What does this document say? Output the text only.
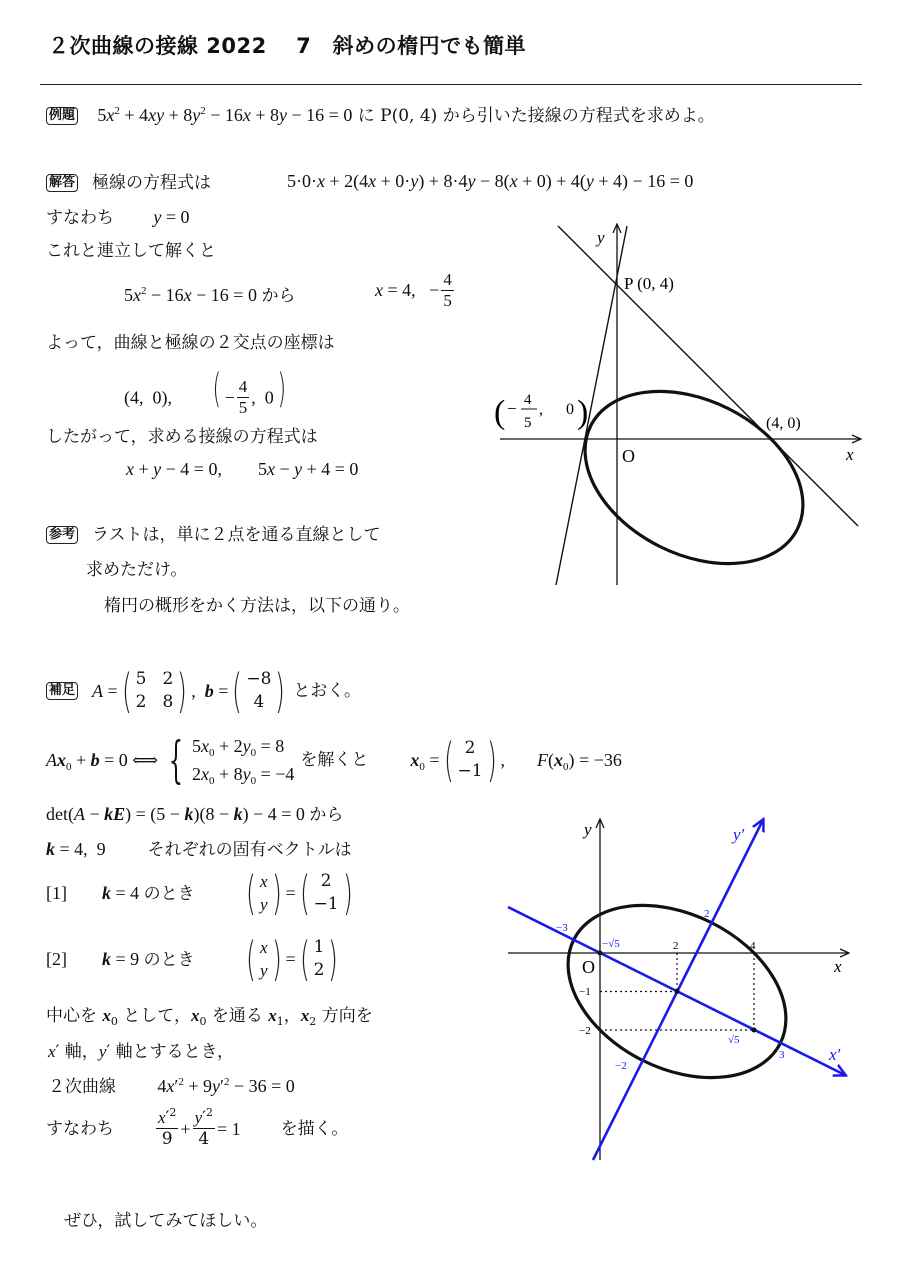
２次曲線の接線 2022　 7　斜めの楕円でも簡単
例題 $5x^2 + 4xy + 8y^2 - 16x + 8y - 16 = 0$ に P(0, 4) から引いた接線の方程式を求めよ。
解答 極線の方程式は	5·0·x + 2(4x + 0·y) + 8·4y − 8(x + 0) + 4(y + 4) − 16 = 0
すなわち y = 0
これと連立して解くと
$5x^2 - 16x - 16 = 0$ から	x = 4,   − $\frac{4}{5}$
よって，曲線と極線の２交点の座標は
(4,  0), ( − $\frac{4}{5}$ ,  0)
したがって，求める接線の方程式は
x + y − 4 = 0, 5x − y + 4 = 0
y
x
O
P (0, 4)
(4, 0)
( − 4
5
, 0 )
参考 ラストは，単に２点を通る直線として
求めただけ。
楕円の概形をかく方法は，以下の通り。
補足 A = ( 5 2
2 8 ) ,  b = ( −8
4 ) とおく。
$Ax_0 + b = 0$ ⟺ { $5x_0 + 2y_0 = 8$
$2x_0 + 8y_0 = -4$
を解くと $x_0$ = ( 2
−1 ) , $F(x_0) = -36$
det(A − kE) = (5 − k)(8 − k) − 4 = 0 から
k = 4,  9 それぞれの固有ベクトルは
[1]	k = 4 のとき	( x
y ) = ( 2
−1 )
[2]	k = 9 のとき	( x
y ) = ( 1
2 )
中心を $x_0$ として，$x_0$ を通る $x_1$，$x_2$ 方向を
x′ 軸，y′ 軸とするとき，
２次曲線 $4x'^2 + 9y'^2 - 36 = 0$
すなわち $\frac{x'^2}{9} + \frac{y'^2}{4} = 1$ を描く。
y
x
O
y′
x′
2	4
−1
−2
−3
3
2
−2
−√5
√5
ぜひ，試してみてほしい。
